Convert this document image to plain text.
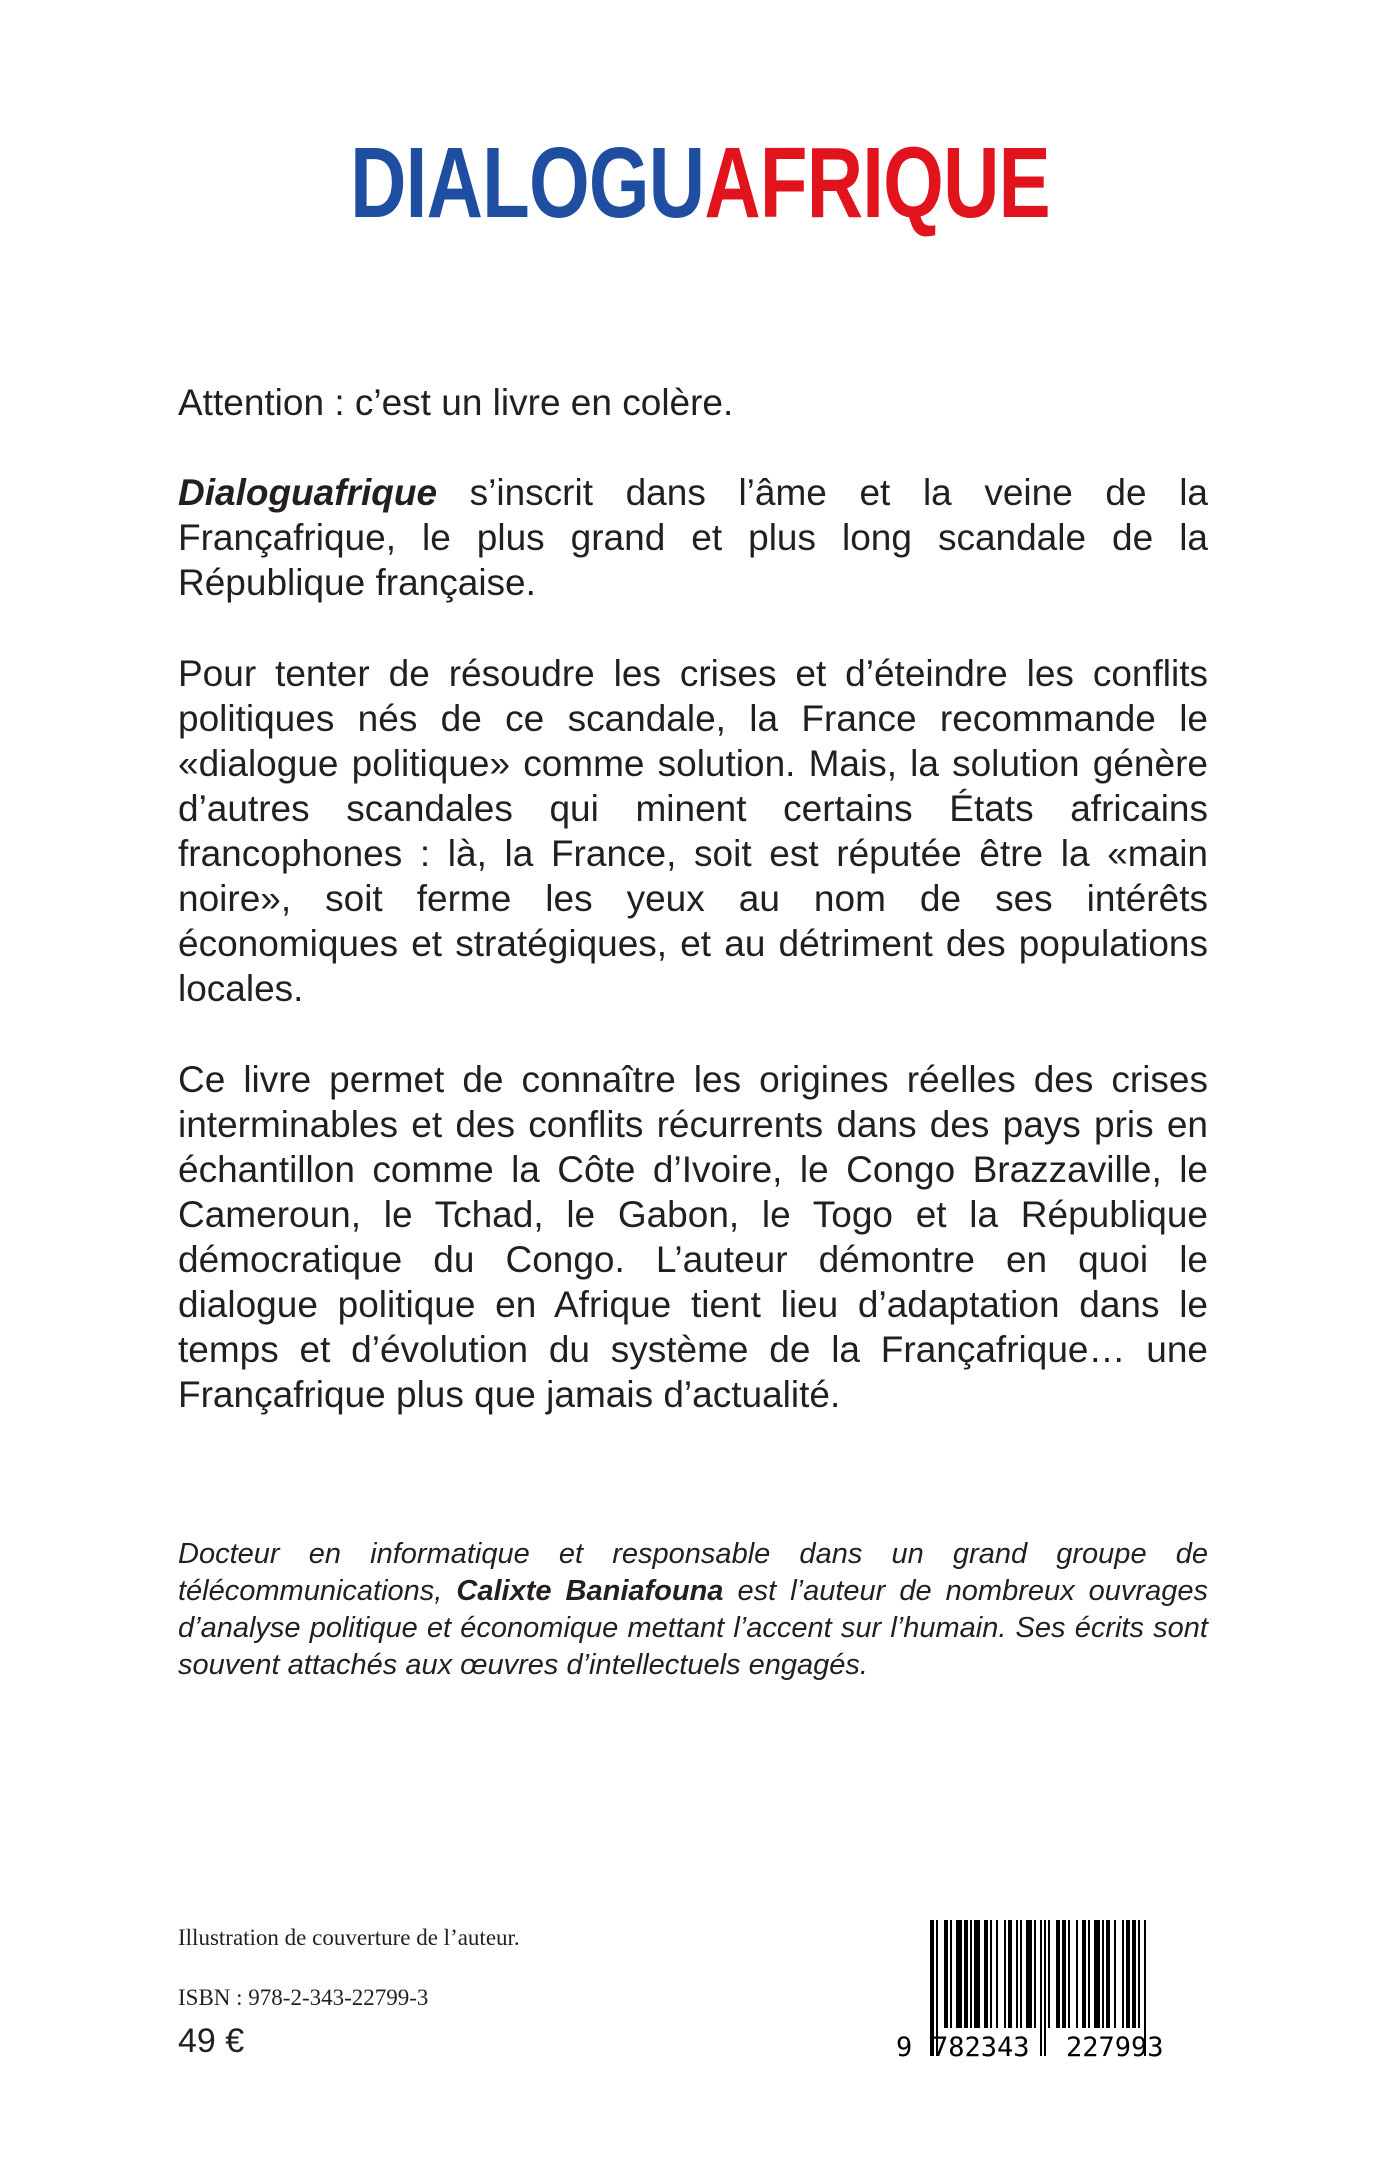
DIALOGUAFRIQUE

Attention : c’est un livre en colère.

Dialoguafrique s’inscrit dans l’âme et la veine de la Françafrique, le plus grand et plus long scandale de la République française.

Pour tenter de résoudre les crises et d’éteindre les conflits politiques nés de ce scandale, la France recommande le «dialogue politique» comme solution. Mais, la solution génère d’autres scandales qui minent certains États africains francophones : là, la France, soit est réputée être la «main noire», soit ferme les yeux au nom de ses intérêts économiques et stratégiques, et au détriment des populations locales.

Ce livre permet de connaître les origines réelles des crises interminables et des conflits récurrents dans des pays pris en échantillon comme la Côte d’Ivoire, le Congo Brazzaville, le Cameroun, le Tchad, le Gabon, le Togo et la République démocratique du Congo. L’auteur démontre en quoi le dialogue politique en Afrique tient lieu d’adaptation dans le temps et d’évolution du système de la Françafrique… une Françafrique plus que jamais d’actualité.

Docteur en informatique et responsable dans un grand groupe de télécommunications, Calixte Baniafouna est l’auteur de nombreux ouvrages d’analyse politique et économique mettant l’accent sur l’humain. Ses écrits sont souvent attachés aux œuvres d’intellectuels engagés.
Illustration de couverture de l’auteur.
ISBN : 978-2-343-22799-3
49 €	9 782343 227993
